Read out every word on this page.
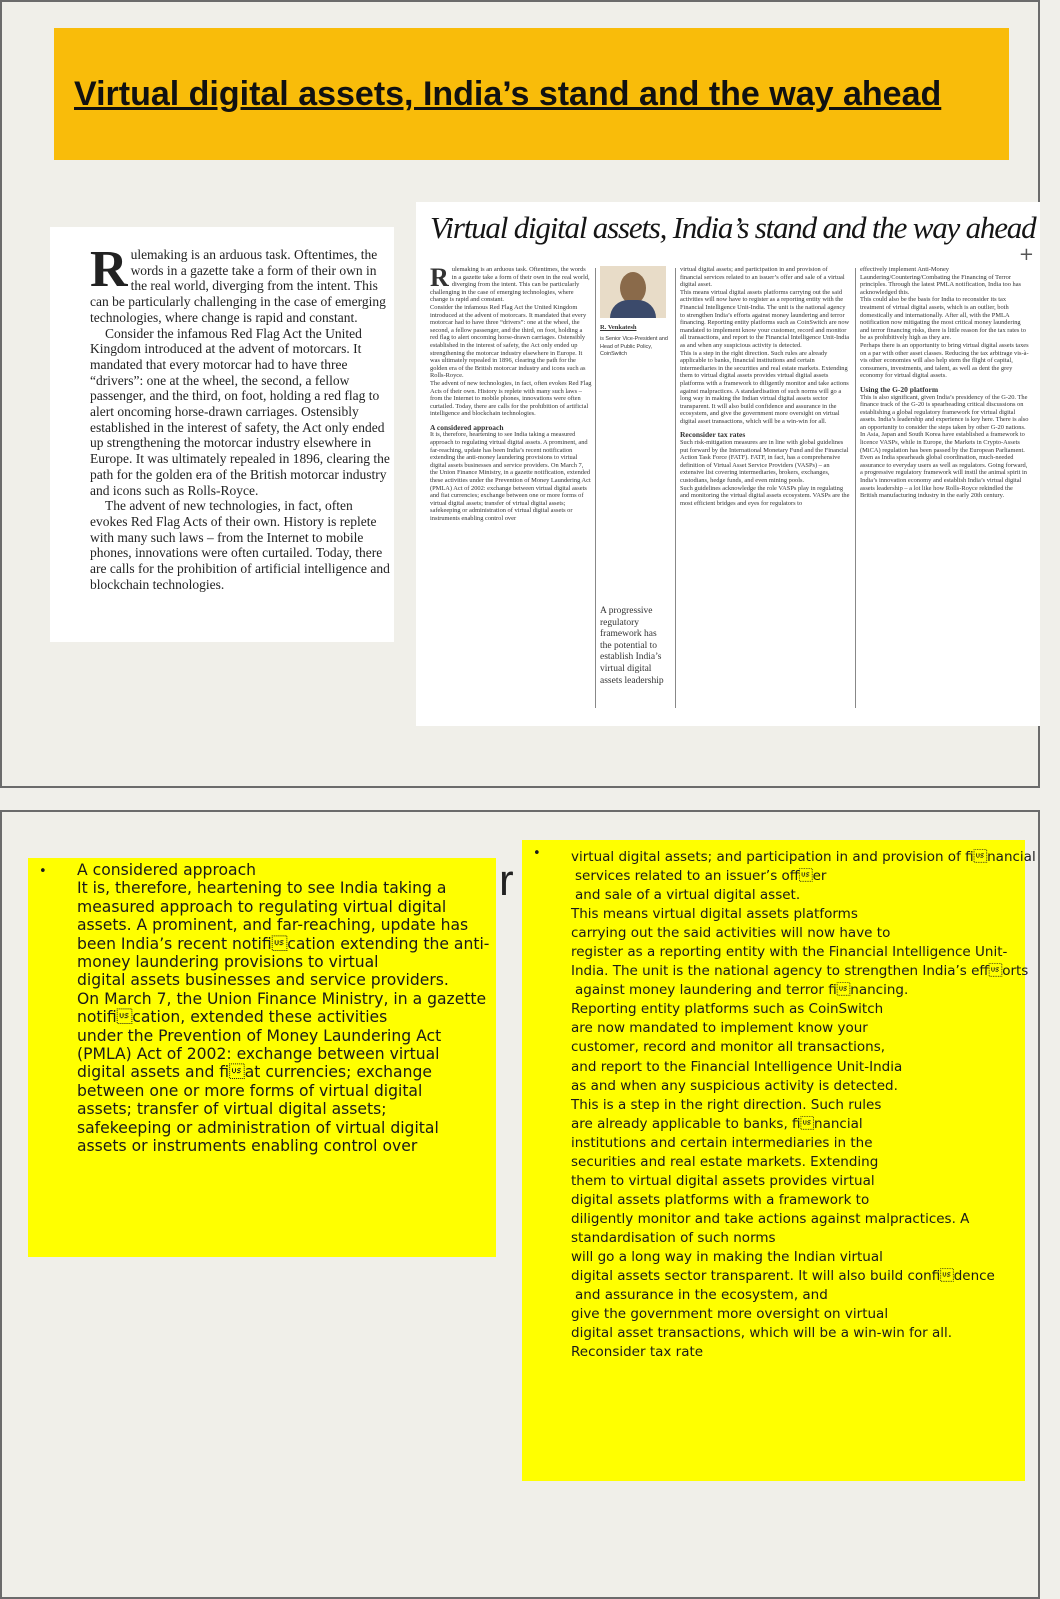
Virtual digital assets, India’s stand and the way ahead

Rulemaking is an arduous task. Oftentimes, the words in a gazette take a form of their own in the real world, diverging from the intent. This can be particularly challenging in the case of emerging technologies, where change is rapid and constant.

Consider the infamous Red Flag Act the United Kingdom introduced at the advent of motorcars. It mandated that every motorcar had to have three “drivers”: one at the wheel, the second, a fellow passenger, and the third, on foot, holding a red flag to alert oncoming horse-drawn carriages. Ostensibly established in the interest of safety, the Act only ended up strengthening the motorcar industry elsewhere in Europe. It was ultimately repealed in 1896, clearing the path for the golden era of the British motorcar industry and icons such as Rolls-Royce.

The advent of new technologies, in fact, often evokes Red Flag Acts of their own. History is replete with many such laws – from the Internet to mobile phones, innovations were often curtailed. Today, there are calls for the prohibition of artificial intelligence and blockchain technologies.

Virtual digital assets, India’s stand and the way ahead
+

Rulemaking is an arduous task. Oftentimes, the words in a gazette take a form of their own in the real world, diverging from the intent. This can be particularly challenging in the case of emerging technologies, where change is rapid and constant.

Consider the infamous Red Flag Act the United Kingdom introduced at the advent of motorcars. It mandated that every motorcar had to have three “drivers”: one at the wheel, the second, a fellow passenger, and the third, on foot, holding a red flag to alert oncoming horse-drawn carriages. Ostensibly established in the interest of safety, the Act only ended up strengthening the motorcar industry elsewhere in Europe. It was ultimately repealed in 1896, clearing the path for the golden era of the British motorcar industry and icons such as Rolls-Royce.

The advent of new technologies, in fact, often evokes Red Flag Acts of their own. History is replete with many such laws – from the Internet to mobile phones, innovations were often curtailed. Today, there are calls for the prohibition of artificial intelligence and blockchain technologies.

A considered approach

It is, therefore, heartening to see India taking a measured approach to regulating virtual digital assets. A prominent, and far-reaching, update has been India’s recent notification extending the anti-money laundering provisions to virtual digital assets businesses and service providers. On March 7, the Union Finance Ministry, in a gazette notification, extended these activities under the Prevention of Money Laundering Act (PMLA) Act of 2002: exchange between virtual digital assets and fiat currencies; exchange between one or more forms of virtual digital assets; transfer of virtual digital assets; safekeeping or administration of virtual digital assets or instruments enabling control over

R. Venkatesh
is Senior Vice-President and Head of Public Policy, CoinSwitch
A progressive regulatory framework has the potential to establish India’s virtual digital assets leadership

virtual digital assets; and participation in and provision of financial services related to an issuer’s offer and sale of a virtual digital asset.

This means virtual digital assets platforms carrying out the said activities will now have to register as a reporting entity with the Financial Intelligence Unit-India. The unit is the national agency to strengthen India’s efforts against money laundering and terror financing. Reporting entity platforms such as CoinSwitch are now mandated to implement know your customer, record and monitor all transactions, and report to the Financial Intelligence Unit-India as and when any suspicious activity is detected.

This is a step in the right direction. Such rules are already applicable to banks, financial institutions and certain intermediaries in the securities and real estate markets. Extending them to virtual digital assets provides virtual digital assets platforms with a framework to diligently monitor and take actions against malpractices. A standardisation of such norms will go a long way in making the Indian virtual digital assets sector transparent. It will also build confidence and assurance in the ecosystem, and give the government more oversight on virtual digital asset transactions, which will be a win-win for all.

Reconsider tax rates

Such risk-mitigation measures are in line with global guidelines put forward by the International Monetary Fund and the Financial Action Task Force (FATF). FATF, in fact, has a comprehensive definition of Virtual Asset Service Providers (VASPs) – an extensive list covering intermediaries, brokers, exchanges, custodians, hedge funds, and even mining pools.

Such guidelines acknowledge the role VASPs play in regulating and monitoring the virtual digital assets ecosystem. VASPs are the most efficient bridges and eyes for regulators to

effectively implement Anti-Money Laundering/Countering/Combating the Financing of Terror principles. Through the latest PMLA notification, India too has acknowledged this.

This could also be the basis for India to reconsider its tax treatment of virtual digital assets, which is an outlier, both domestically and internationally. After all, with the PMLA notification now mitigating the most critical money laundering and terror financing risks, there is little reason for the tax rates to be as prohibitively high as they are.

Perhaps there is an opportunity to bring virtual digital assets taxes on a par with other asset classes. Reducing the tax arbitrage vis-à-vis other economies will also help stem the flight of capital, consumers, investments, and talent, as well as dent the grey economy for virtual digital assets.

Using the G-20 platform

This is also significant, given India’s presidency of the G-20. The finance track of the G-20 is spearheading critical discussions on establishing a global regulatory framework for virtual digital assets. India’s leadership and experience is key here. There is also an opportunity to consider the steps taken by other G-20 nations. In Asia, Japan and South Korea have established a framework to licence VASPs, while in Europe, the Markets in Crypto-Assets (MiCA) regulation has been passed by the European Parliament.

Even as India spearheads global coordination, much-needed assurance to everyday users as well as regulators. Going forward, a progressive regulatory framework will instil the animal spirit in India’s innovation economy and establish India’s virtual digital assets leadership – a lot like how Rolls-Royce rekindled the British manufacturing industry in the early 20th century.

A considered approach
It is, therefore, heartening to see India taking a
measured approach to regulating virtual digital
assets. A prominent, and far-reaching, update has
been India’s recent notification extending the anti-
money laundering provisions to virtual
digital assets businesses and service providers.
On March 7, the Union Finance Ministry, in a gazette
notification, extended these activities
under the Prevention of Money Laundering Act
(PMLA) Act of 2002: exchange between virtual
digital assets and fiat currencies; exchange
between one or more forms of virtual digital
assets; transfer of virtual digital assets;
safekeeping or administration of virtual digital
assets or instruments enabling control over
•	r	virtual digital assets; and participation in and provision of financial
services related to an issuer’s offer
and sale of a virtual digital asset.
This means virtual digital assets platforms
carrying out the said activities will now have to
register as a reporting entity with the Financial Intelligence Unit-
India. The unit is the national agency to strengthen India’s efforts
against money laundering and terror financing.
Reporting entity platforms such as CoinSwitch
are now mandated to implement know your
customer, record and monitor all transactions,
and report to the Financial Intelligence Unit-India
as and when any suspicious activity is detected.
This is a step in the right direction. Such rules
are already applicable to banks, financial
institutions and certain intermediaries in the
securities and real estate markets. Extending
them to virtual digital assets provides virtual
digital assets platforms with a framework to
diligently monitor and take actions against malpractices. A
standardisation of such norms
will go a long way in making the Indian virtual
digital assets sector transparent. It will also build confidence
and assurance in the ecosystem, and
give the government more oversight on virtual
digital asset transactions, which will be a win-win for all.
Reconsider tax rate
•
